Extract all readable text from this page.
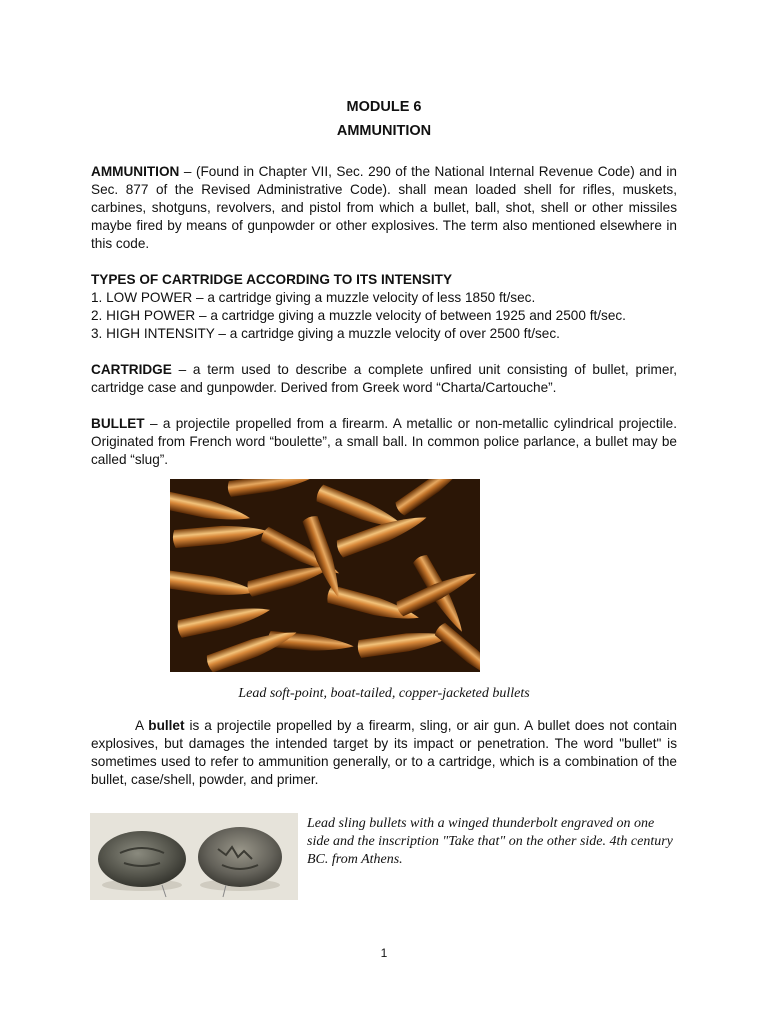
MODULE 6

AMMUNITION

AMMUNITION – (Found in Chapter VII, Sec. 290 of the National Internal Revenue Code) and in Sec. 877 of the Revised Administrative Code). shall mean loaded shell for rifles, muskets, carbines, shotguns, revolvers, and pistol from which a bullet, ball, shot, shell or other missiles maybe fired by means of gunpowder or other explosives. The term also mentioned elsewhere in this code.

TYPES OF CARTRIDGE ACCORDING TO ITS INTENSITY

1. LOW POWER – a cartridge giving a muzzle velocity of less 1850 ft/sec.

2. HIGH POWER – a cartridge giving a muzzle velocity of between 1925 and 2500 ft/sec.

3. HIGH INTENSITY – a cartridge giving a muzzle velocity of over 2500 ft/sec.

CARTRIDGE – a term used to describe a complete unfired unit consisting of bullet, primer, cartridge case and gunpowder. Derived from Greek word “Charta/Cartouche”.

BULLET – a projectile propelled from a firearm. A metallic or non-metallic cylindrical projectile. Originated from French word “boulette”, a small ball. In common police parlance, a bullet may be called “slug”.

Lead soft-point, boat-tailed, copper-jacketed bullets

A bullet is a projectile propelled by a firearm, sling, or air gun. A bullet does not contain explosives, but damages the intended target by its impact or penetration. The word "bullet" is sometimes used to refer to ammunition generally, or to a cartridge, which is a combination of the bullet, case/shell, powder, and primer.

Lead sling bullets with a winged thunderbolt engraved on one side and the inscription "Take that" on the other side. 4th century BC. from Athens.

1
